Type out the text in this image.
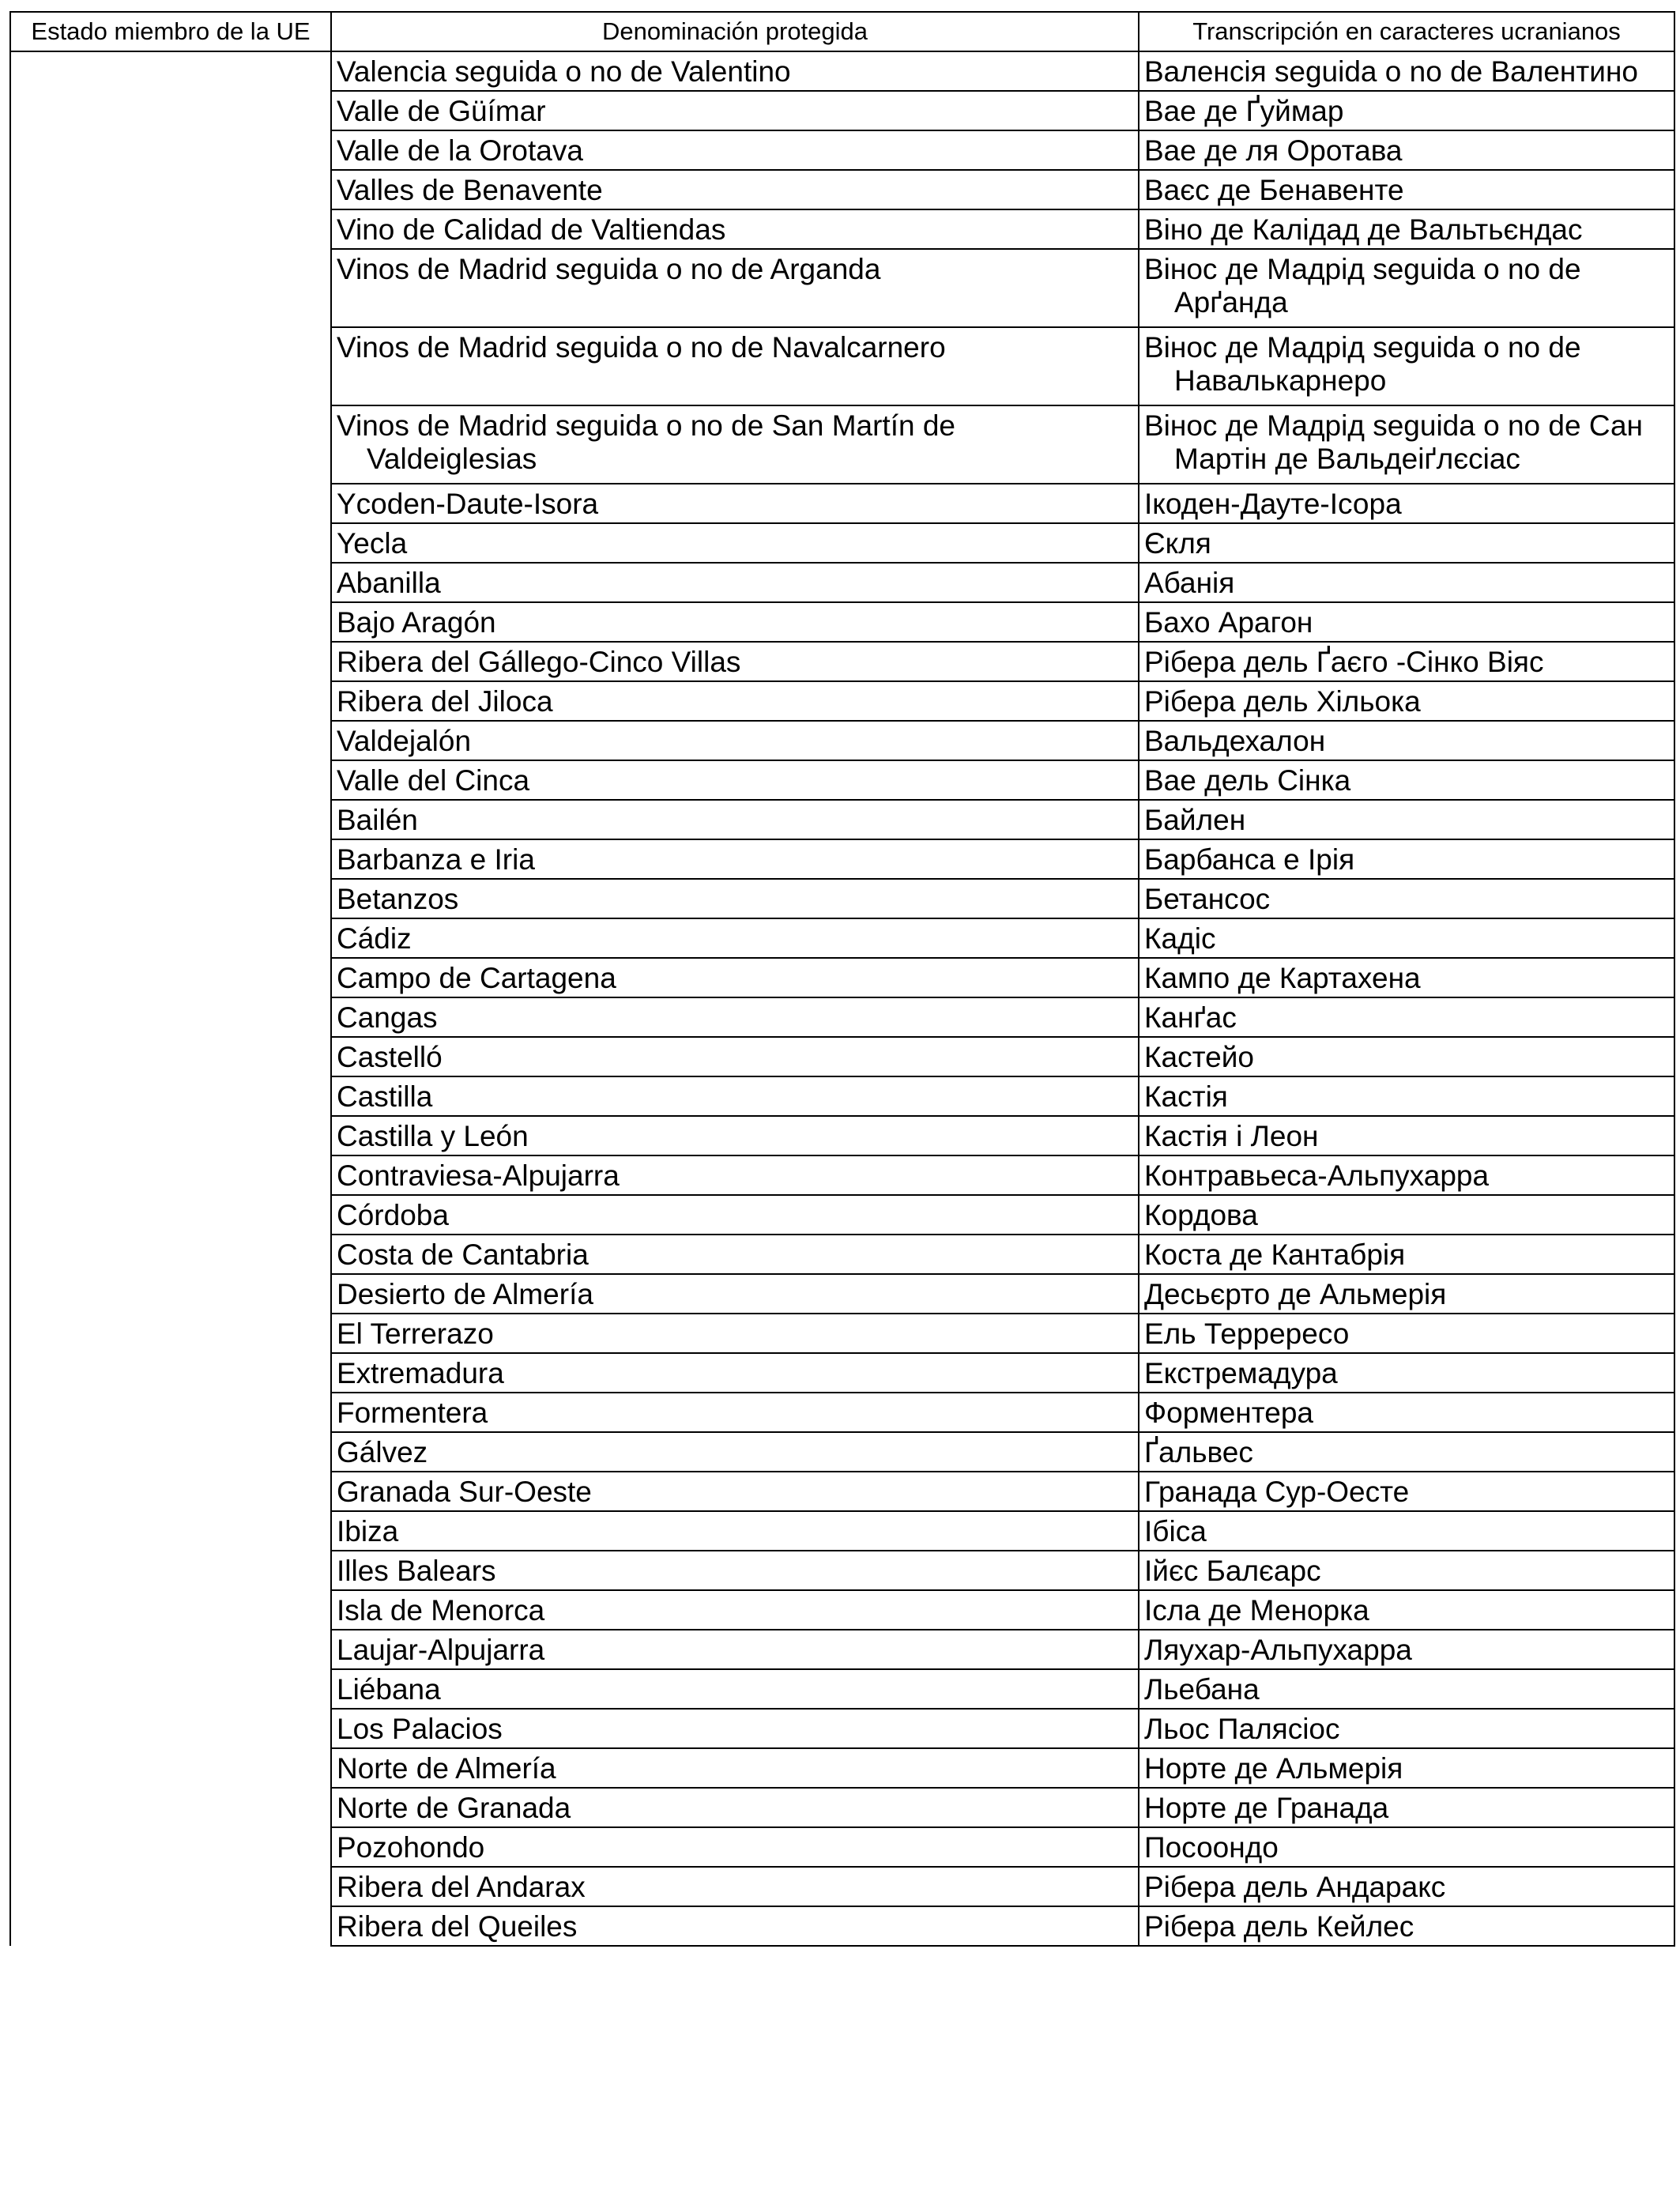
Estado miembro de la UE	Denominación protegida	Transcripción en caracteres ucranianos

	Valencia seguida o no de Valentino	Валенсія seguida o no de Валентино

	Valle de Güímar	Вае де Ґуймар

	Valle de la Orotava	Вае де ля Оротава

	Valles de Benavente	Ваєс де Бенавенте

	Vino de Calidad de Valtiendas	Віно де Калідад де Вальтьєндас

	Vinos de Madrid seguida o no de Arganda	Вінос де Мадрід seguida o no de Арґанда

	Vinos de Madrid seguida o no de Navalcarnero	Вінос де Мадрід seguida o no de Навалькарнеро

	Vinos de Madrid seguida o no de San Martín de Valdeiglesias	Вінос де Мадрід seguida o no de Сан Мартін де Вальдеіґлєсіас

	Ycoden-Daute-Isora	Ікоден-Дауте-Ісора

	Yecla	Єкля

	Abanilla	Абанія

	Bajo Aragón	Бахо Арагон

	Ribera del Gállego-Cinco Villas	Рібера дель Ґаєго -Сінко Віяс

	Ribera del Jiloca	Рібера дель Хільока

	Valdejalón	Вальдехалон

	Valle del Cinca	Вае дель Сінка

	Bailén	Байлен

	Barbanza e Iria	Барбанса е Ірія

	Betanzos	Бетансос

	Cádiz	Кадіс

	Campo de Cartagena	Кампо де Картахена

	Cangas	Канґас

	Castelló	Кастейо

	Castilla	Кастія

	Castilla y León	Кастія і Леон

	Contraviesa-Alpujarra	Контравьеса-Альпухарра

	Córdoba	Кордова

	Costa de Cantabria	Коста де Кантабрія

	Desierto de Almería	Десьєрто де Альмерія

	El Terrerazo	Ель Террересо

	Extremadura	Екстремадура

	Formentera	Форментера

	Gálvez	Ґальвес

	Granada Sur-Oeste	Гранада Сур-Оесте

	Ibiza	Ібіса

	Illes Balears	Ійєс Балєарс

	Isla de Menorca	Ісла де Менорка

	Laujar-Alpujarra	Ляухар-Альпухарра

	Liébana	Льебана

	Los Palacios	Льос Палясіос

	Norte de Almería	Норте де Альмерія

	Norte de Granada	Норте де Гранада

	Pozohondo	Посоондо

	Ribera del Andarax	Рібера дель Андаракс

	Ribera del Queiles	Рібера дель Кейлес
